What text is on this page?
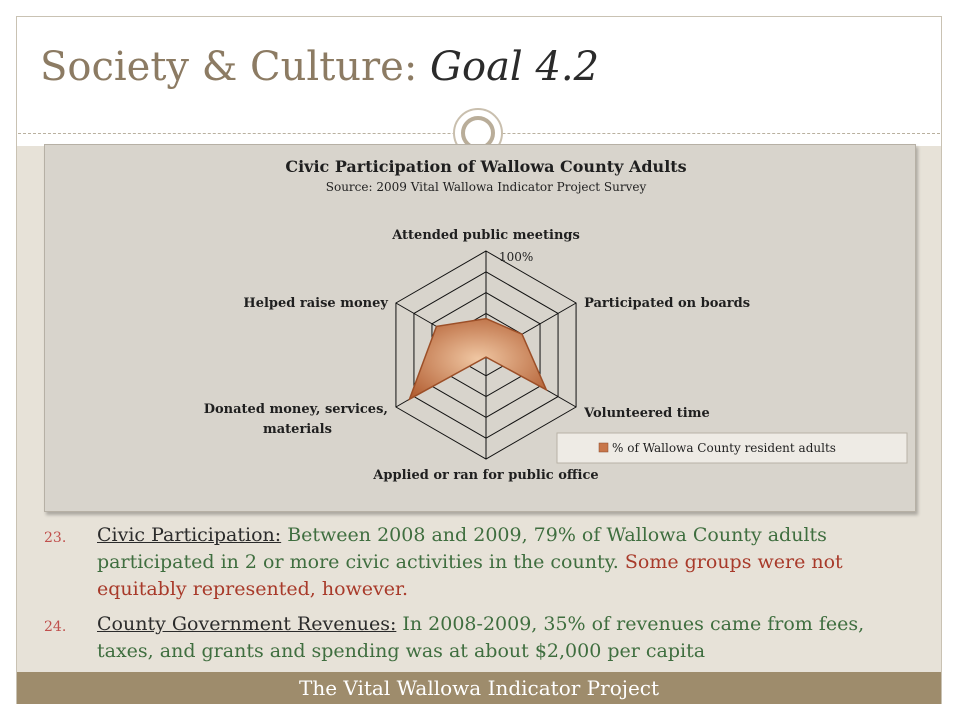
Society & Culture: Goal 4.2
Civic Participation of Wallowa County Adults
Source: 2009 Vital Wallowa Indicator Project Survey
Attended public meetings
Participated on boards
Volunteered time
Applied or ran for public office
Donated money, services, materials
Helped raise money
100%
% of Wallowa County resident adults
23. Civic Participation: Between 2008 and 2009, 79% of Wallowa County adults participated in 2 or more civic activities in the county. Some groups were not equitably represented, however.
24. County Government Revenues: In 2008-2009, 35% of revenues came from fees, taxes, and grants and spending was at about $2,000 per capita
The Vital Wallowa Indicator Project
